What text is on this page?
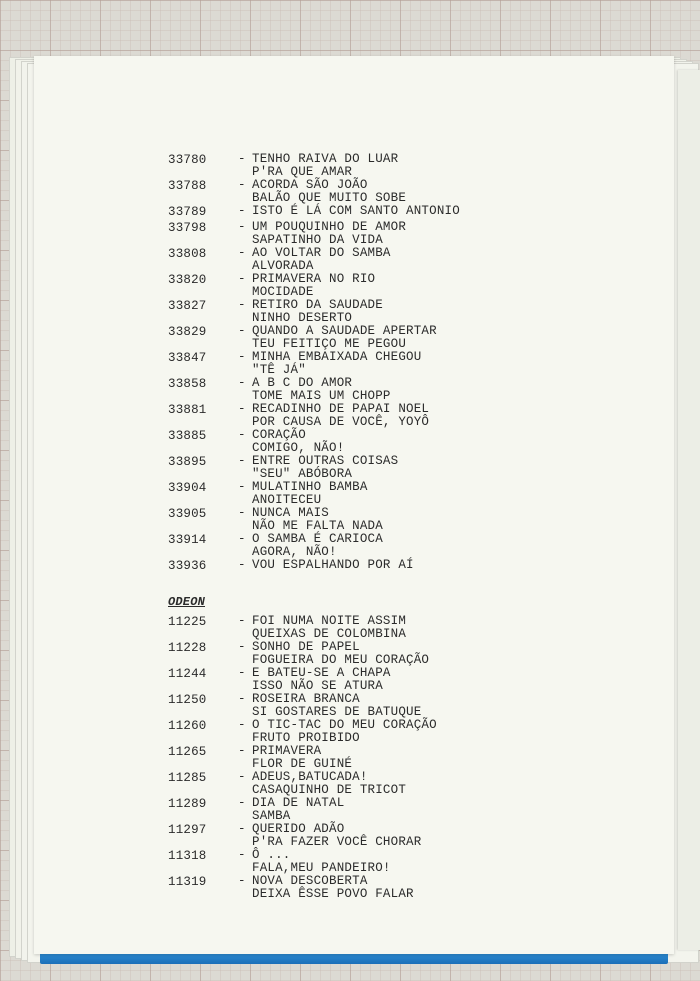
33780	- TENHO RAIVA DO LUAR
P'RA QUE AMAR
33788	- ACORDA SÃO JOÃO
BALÃO QUE MUITO SOBE
33789	- ISTO É LÁ COM SANTO ANTONIO
33798	- UM POUQUINHO DE AMOR
SAPATINHO DA VIDA
33808	- AO VOLTAR DO SAMBA
ALVORADA
33820	- PRIMAVERA NO RIO
MOCIDADE
33827	- RETIRO DA SAUDADE
NINHO DESERTO
33829	- QUANDO A SAUDADE APERTAR
TEU FEITIÇO ME PEGOU
33847	- MINHA EMBAIXADA CHEGOU
"TÊ JÁ"
33858	- A B C DO AMOR
TOME MAIS UM CHOPP
33881	- RECADINHO DE PAPAI NOEL
POR CAUSA DE VOCÊ, YOYÔ
33885	- CORAÇÃO
COMIGO, NÃO!
33895	- ENTRE OUTRAS COISAS
"SEU" ABÓBORA
33904	- MULATINHO BAMBA
ANOITECEU
33905	- NUNCA MAIS
NÃO ME FALTA NADA
33914	- O SAMBA É CARIOCA
AGORA, NÃO!
33936	- VOU ESPALHANDO POR AÍ
ODEON
11225	- FOI NUMA NOITE ASSIM
QUEIXAS DE COLOMBINA
11228	- SONHO DE PAPEL
FOGUEIRA DO MEU CORAÇÃO
11244	- E BATEU-SE A CHAPA
ISSO NÃO SE ATURA
11250	- ROSEIRA BRANCA
SI GOSTARES DE BATUQUE
11260	- O TIC-TAC DO MEU CORAÇÃO
FRUTO PROIBIDO
11265	- PRIMAVERA
FLOR DE GUINÉ
11285	- ADEUS,BATUCADA!
CASAQUINHO DE TRICOT
11289	- DIA DE NATAL
SAMBA
11297	- QUERIDO ADÃO
P'RA FAZER VOCÊ CHORAR
11318	- Ô ...
FALA,MEU PANDEIRO!
11319	- NOVA DESCOBERTA
DEIXA ÊSSE POVO FALAR
